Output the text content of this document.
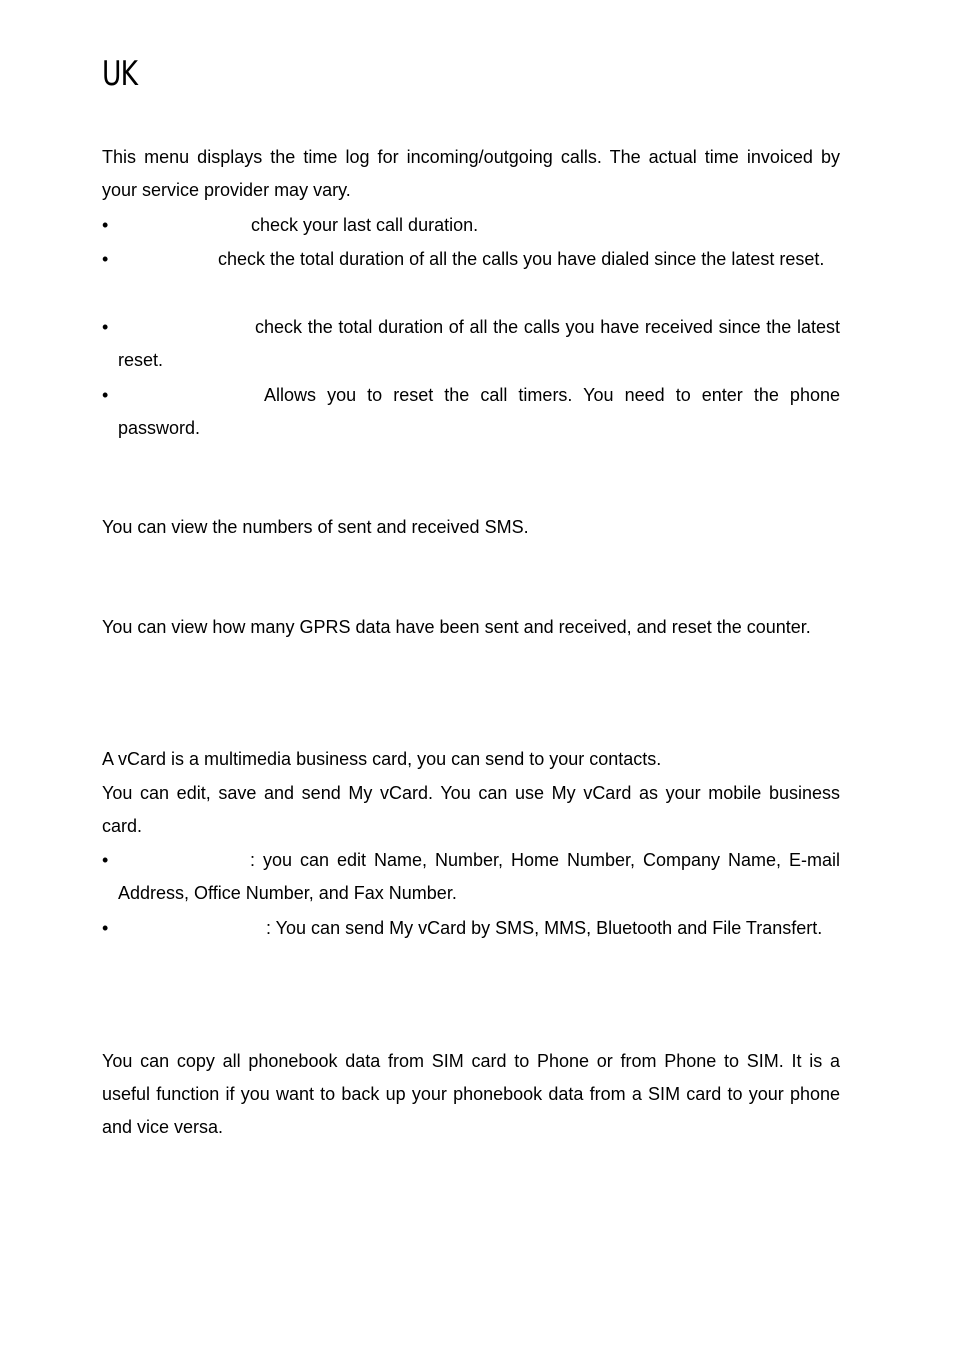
UK

This menu displays the time log for incoming/outgoing calls. The actual time invoiced by your service provider may vary.

•	check your last call duration.
•	check the total duration of all the calls you have dialed since the latest reset.
•	check the total duration of all the calls you have received since the latest reset.
•	Allows you to reset the call timers. You need to enter the phone password.

You can view the numbers of sent and received SMS.

You can view how many GPRS data have been sent and received, and reset the counter.

A vCard is a multimedia business card, you can send to your contacts.

You can edit, save and send My vCard. You can use My vCard as your mobile business card.

•	: you can edit Name, Number, Home Number, Company Name, E-mail Address, Office Number, and Fax Number.
•	: You can send My vCard by SMS, MMS, Bluetooth and File Transfert.

You can copy all phonebook data from SIM card to Phone or from Phone to SIM. It is a useful function if you want to back up your phonebook data from a SIM card to your phone and vice versa.
